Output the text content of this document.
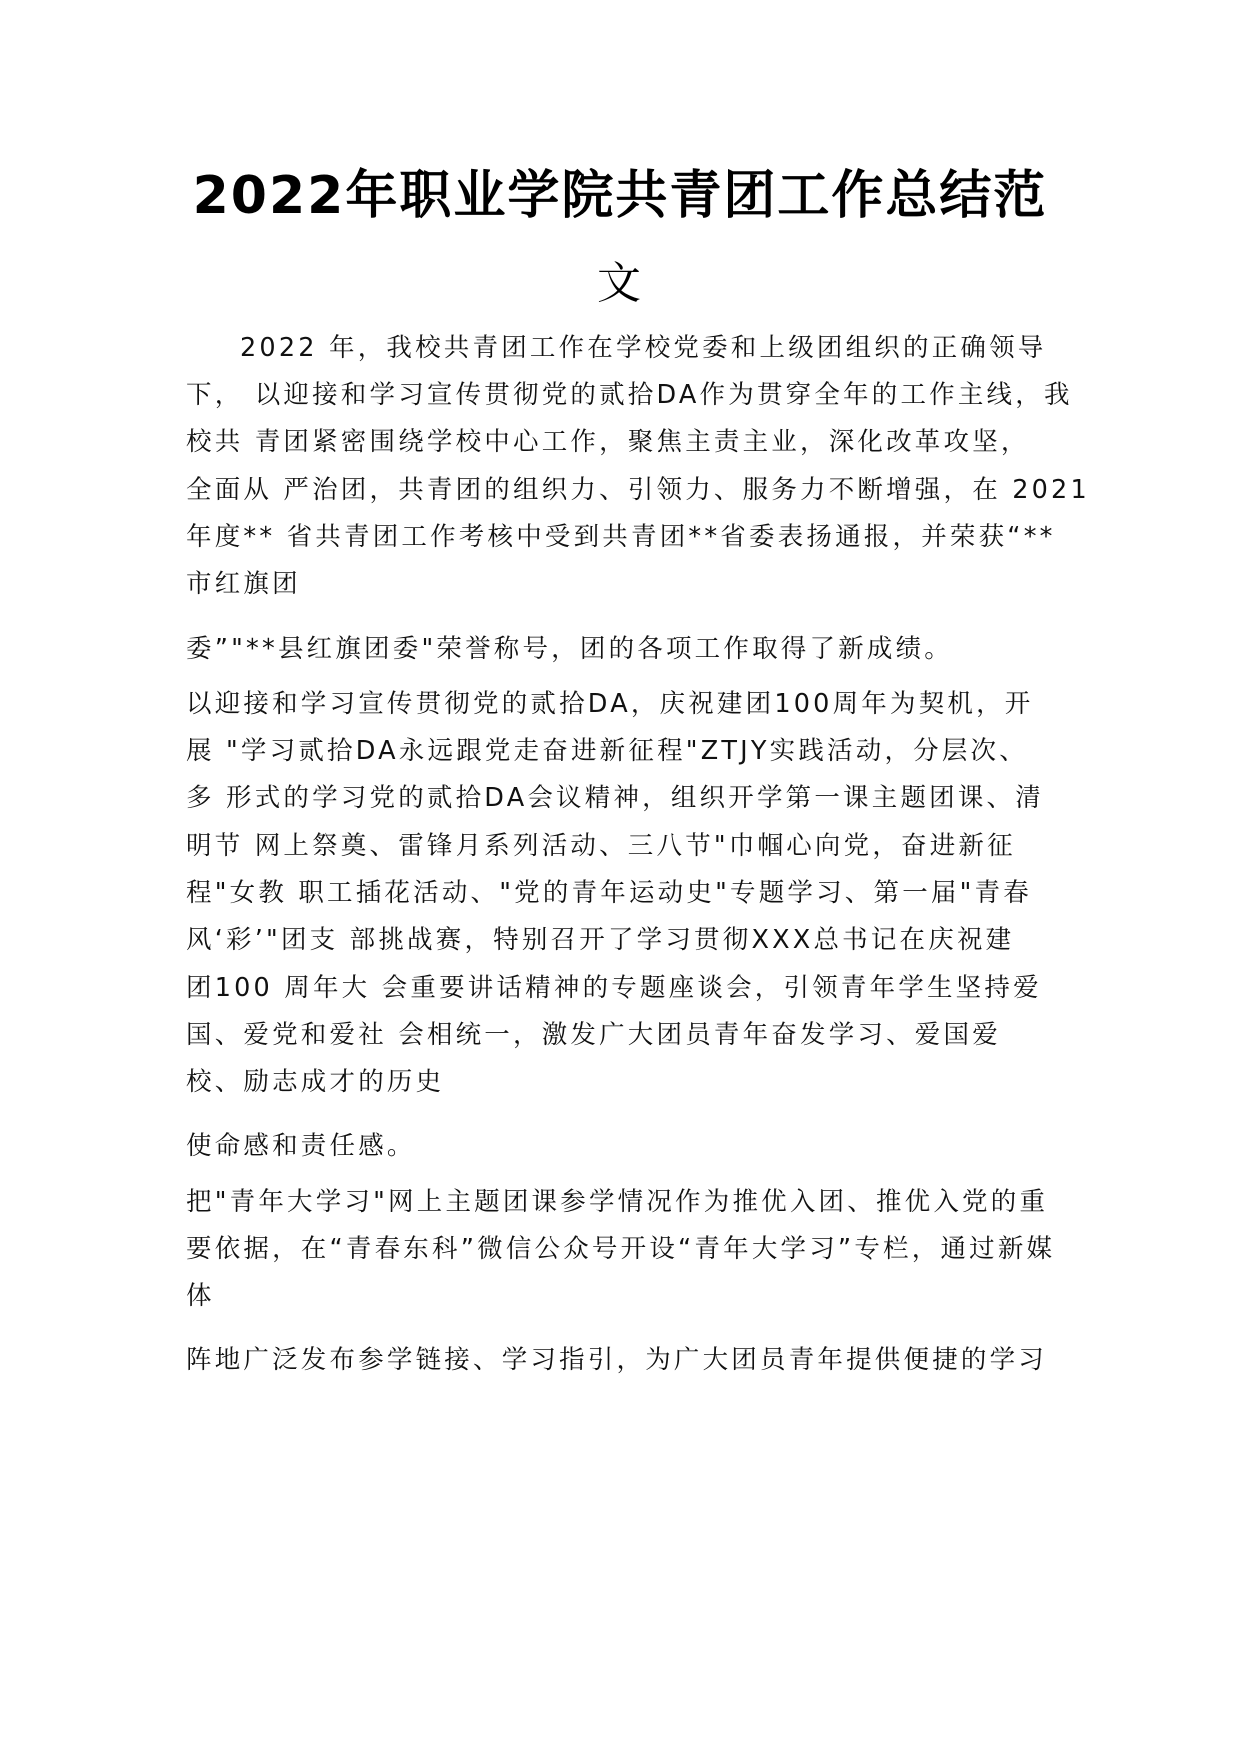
2022年职业学院共青团工作总结范
文
2022 年，我校共青团工作在学校党委和上级团组织的正确领导
下， 以迎接和学习宣传贯彻党的贰拾DA作为贯穿全年的工作主线，我
校共 青团紧密围绕学校中心工作，聚焦主责主业，深化改革攻坚，
全面从 严治团，共青团的组织力、引领力、服务力不断增强，在 2021
年度** 省共青团工作考核中受到共青团**省委表扬通报，并荣获“**
市红旗团
委”"**县红旗团委"荣誉称号，团的各项工作取得了新成绩。
以迎接和学习宣传贯彻党的贰拾DA，庆祝建团100周年为契机，开
展 "学习贰拾DA永远跟党走奋进新征程"ZTJY实践活动，分层次、
多 形式的学习党的贰拾DA会议精神，组织开学第一课主题团课、清
明节 网上祭奠、雷锋月系列活动、三八节"巾帼心向党，奋进新征
程"女教 职工插花活动、"党的青年运动史"专题学习、第一届"青春
风‘彩’"团支 部挑战赛，特别召开了学习贯彻XXX总书记在庆祝建
团100 周年大 会重要讲话精神的专题座谈会，引领青年学生坚持爱
国、爱党和爱社 会相统一，激发广大团员青年奋发学习、爱国爱
校、励志成才的历史
使命感和责任感。
把"青年大学习"网上主题团课参学情况作为推优入团、推优入党的重
要依据，在“青春东科”微信公众号开设“青年大学习”专栏，通过新媒
体
阵地广泛发布参学链接、学习指引，为广大团员青年提供便捷的学习
